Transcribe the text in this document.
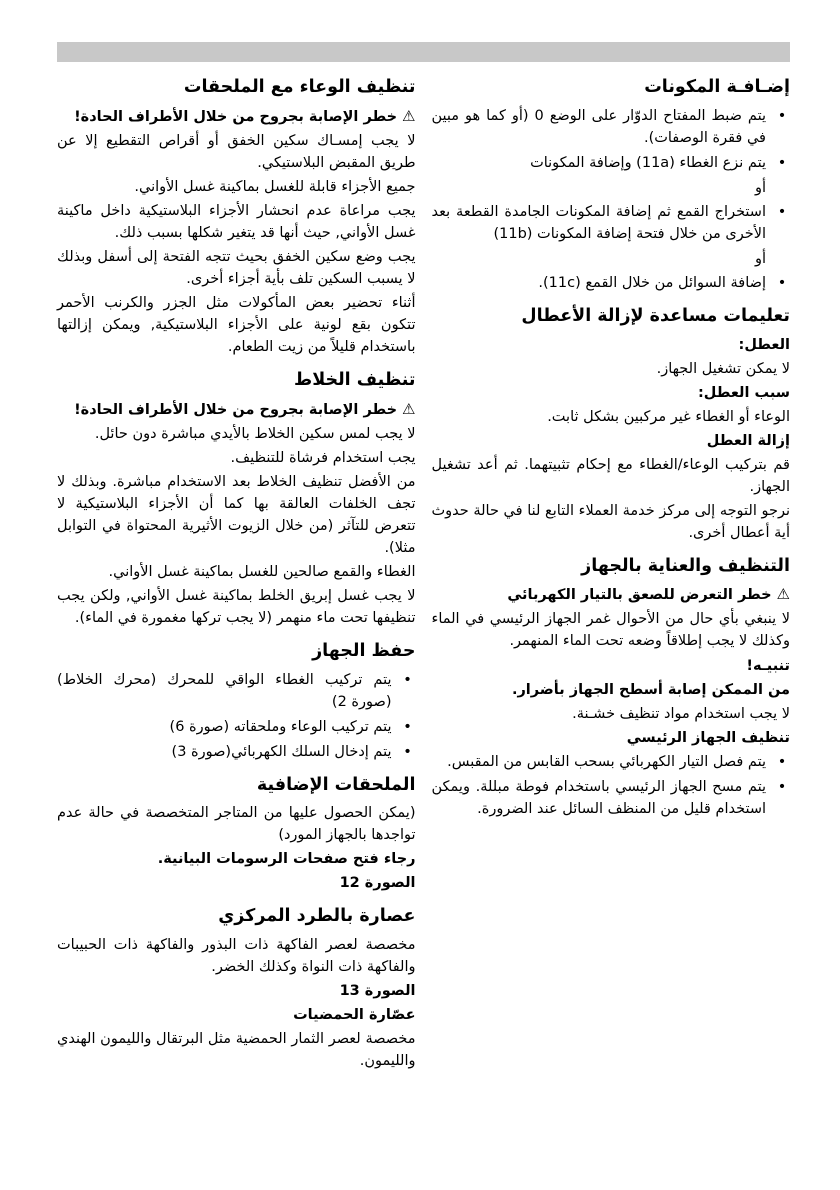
إضـافـة المكونات
•
يتم ضبط المفتاح الدوّار على الوضع 0 (أو كما هو مبين في فقرة الوصفات).
•
يتم نزع الغطاء (11a) وإضافة المكونات
أو
•
استخراج القمع ثم إضافة المكونات الجامدة القطعة بعد الأخرى من خلال فتحة إضافة المكونات (11b)
أو
•
إضافة السوائل من خلال القمع (11c).
تعليمات مساعدة لإزالة الأعطال
العطل:
لا يمكن تشغيل الجهاز.
سبب العطل:
الوعاء أو الغطاء غير مركبين بشكل ثابت.
إزالة العطل
قم بتركيب الوعاء/الغطاء مع إحكام تثبيتهما. ثم أعد تشغيل الجهاز.
نرجو التوجه إلى مركز خدمة العملاء التابع لنا في حالة حدوث أية أعطال أخرى.
التنظيف والعناية بالجهاز
⚠خطر التعرض للصعق بالتيار الكهربائي
لا ينبغي بأي حال من الأحوال غمر الجهاز الرئيسي في الماء وكذلك لا يجب إطلاقاً وضعه تحت الماء المنهمر.
تنبيـه!
من الممكن إصابة أسطح الجهاز بأضرار.
لا يجب استخدام مواد تنظيف خشـنة.
تنظيف الجهاز الرئيسي
•
يتم فصل التيار الكهربائي بسحب القابس من المقبس.
•
يتم مسح الجهاز الرئيسي باستخدام فوطة مبللة. ويمكن استخدام قليل من المنظف السائل عند الضرورة.
تنظيف الوعاء مع الملحقات
⚠خطر الإصابة بجروح من خلال الأطراف الحادة!
لا يجب إمسـاك سكين الخفق أو أقراص التقطيع إلا عن طريق المقبض البلاستيكي.
جميع الأجزاء قابلة للغسل بماكينة غسل الأواني.
يجب مراعاة عدم انحشار الأجزاء البلاستيكية داخل ماكينة غسل الأواني, حيث أنها قد يتغير شكلها بسبب ذلك.
يجب وضع سكين الخفق بحيث تتجه الفتحة إلى أسفل وبذلك لا يسبب السكين تلف بأية أجزاء أخرى.
أثناء تحضير بعض المأكولات مثل الجزر والكرنب الأحمر تتكون بقع لونية على الأجزاء البلاستيكية, ويمكن إزالتها باستخدام قليلاً من زيت الطعام.
تنظيف الخلاط
⚠خطر الإصابة بجروح من خلال الأطراف الحادة!
لا يجب لمس سكين الخلاط بالأيدي مباشرة دون حائل.
يجب استخدام فرشاة للتنظيف.
من الأفضل تنظيف الخلاط بعد الاستخدام مباشرة. وبذلك لا تجف الخلفات العالقة بها كما أن الأجزاء البلاستيكية لا تتعرض للتآثر (من خلال الزيوت الأثيرية المحتواة في التوابل مثلا).
الغطاء والقمع صالحين للغسل بماكينة غسل الأواني.
لا يجب غسل إبريق الخلط بماكينة غسل الأواني, ولكن يجب تنظيفها تحت ماء منهمر (لا يجب تركها مغمورة في الماء).
حفظ الجهاز
•
يتم تركيب الغطاء الواقي للمحرك (محرك الخلاط) (صورة 2)
•
يتم تركيب الوعاء وملحقاته (صورة 6)
•
يتم إدخال السلك الكهربائي(صورة 3)
الملحقات الإضافية
(يمكن الحصول عليها من المتاجر المتخصصة في حالة عدم تواجدها بالجهاز المورد)
رجاء فتح صفحات الرسومات البيانية.
الصورة 12
عصارة بالطرد المركزي
مخصصة لعصر الفاكهة ذات البذور والفاكهة ذات الحبيبات والفاكهة ذات النواة وكذلك الخضر.
الصورة 13
عصّارة الحمضيات
مخصصة لعصر الثمار الحمضية مثل البرتقال والليمون الهندي والليمون.
